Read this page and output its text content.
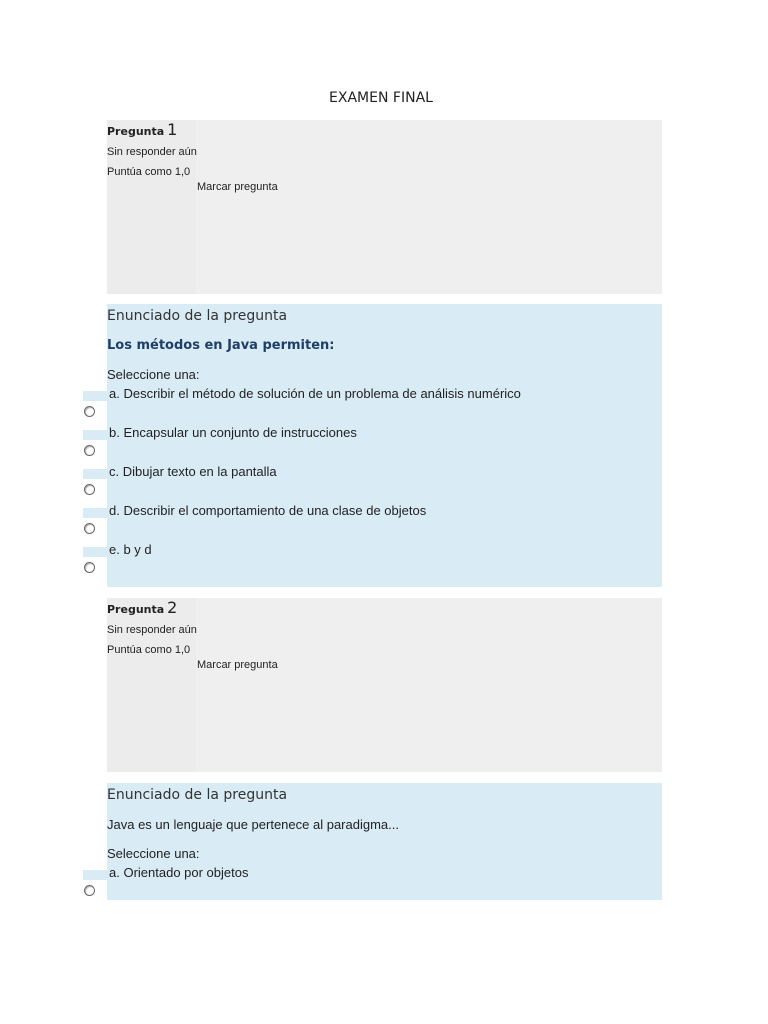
EXAMEN FINAL
Pregunta 1
Sin responder aún
Puntúa como 1,0
Marcar pregunta
Enunciado de la pregunta
Los métodos en Java permiten:
Seleccione una:
a. Describir el método de solución de un problema de análisis numérico
b. Encapsular un conjunto de instrucciones
c. Dibujar texto en la pantalla
d. Describir el comportamiento de una clase de objetos
e. b y d
Pregunta 2
Sin responder aún
Puntúa como 1,0
Marcar pregunta
Enunciado de la pregunta
Java es un lenguaje que pertenece al paradigma...
Seleccione una:
a. Orientado por objetos
